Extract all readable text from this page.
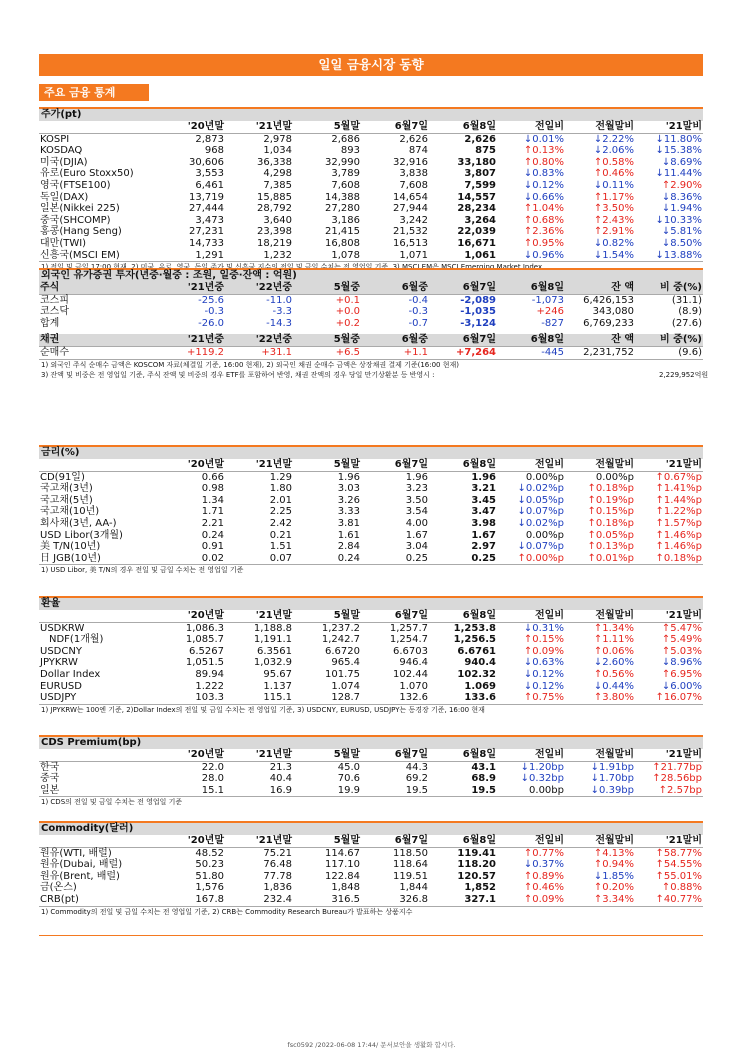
일일 금융시장 동향
주요 금융 통계
주가(pt)
	'20년말	'21년말	5월말	6월7일	6월8일	전일비	전월말비	'21말비
KOSPI	2,873	2,978	2,686	2,626	2,626	↓0.01%	↓2.22%	↓11.80%
KOSDAQ	968	1,034	893	874	875	↑0.13%	↓2.06%	↓15.38%
미국(DJIA)	30,606	36,338	32,990	32,916	33,180	↑0.80%	↑0.58%	↓8.69%
유로(Euro Stoxx50)	3,553	4,298	3,789	3,838	3,807	↓0.83%	↑0.46%	↓11.44%
영국(FTSE100)	6,461	7,385	7,608	7,608	7,599	↓0.12%	↓0.11%	↑2.90%
독일(DAX)	13,719	15,885	14,388	14,654	14,557	↓0.66%	↑1.17%	↓8.36%
일본(Nikkei 225)	27,444	28,792	27,280	27,944	28,234	↑1.04%	↑3.50%	↓1.94%
중국(SHCOMP)	3,473	3,640	3,186	3,242	3,264	↑0.68%	↑2.43%	↓10.33%
홍콩(Hang Seng)	27,231	23,398	21,415	21,532	22,039	↑2.36%	↑2.91%	↓5.81%
대만(TWI)	14,733	18,219	16,808	16,513	16,671	↑0.95%	↓0.82%	↓8.50%
신흥국(MSCI EM)	1,291	1,232	1,078	1,071	1,061	↓0.96%	↓1.54%	↓13.88%
외국인 유가증권 투자(년중·월중 : 조원, 일중·잔액 : 억원)
주식	'21년중	'22년중	5월중	6월중	6월7일	6월8일	잔 액	비 중(%)
코스피	-25.6	-11.0	+0.1	-0.4	-2,089	-1,073	6,426,153	(31.1)
코스닥	-0.3	-3.3	+0.0	-0.3	-1,035	+246	343,080	(8.9)
합계	-26.0	-14.3	+0.2	-0.7	-3,124	-827	6,769,233	(27.6)
채권	'21년중	'22년중	5월중	6월중	6월7일	6월8일	잔 액	비 중(%)
순매수	+119.2	+31.1	+6.5	+1.1	+7,264	-445	2,231,752	(9.6)
1) 외국인 주식 순매수 금액은 KOSCOM 자료(체결일 기준, 16:00 현재), 2) 외국인 채권 순매수 금액은 상장채권 결제 기준(16:00 현재)
3) 잔액 및 비중은 전 영업일 기준, 주식 잔액 및 비중의 경우 ETF를 포함하여 반영, 채권 잔액의 경우 당일 만기상환분 등 반영시 :	2,229,952억원
금리(%)
	'20년말	'21년말	5월말	6월7일	6월8일	전일비	전월말비	'21말비
CD(91일)	0.66	1.29	1.96	1.96	1.96	0.00%p	0.00%p	↑0.67%p
국고채(3년)	0.98	1.80	3.03	3.23	3.21	↓0.02%p	↑0.18%p	↑1.41%p
국고채(5년)	1.34	2.01	3.26	3.50	3.45	↓0.05%p	↑0.19%p	↑1.44%p
국고채(10년)	1.71	2.25	3.33	3.54	3.47	↓0.07%p	↑0.15%p	↑1.22%p
회사채(3년, AA-)	2.21	2.42	3.81	4.00	3.98	↓0.02%p	↑0.18%p	↑1.57%p
USD Libor(3개월)	0.24	0.21	1.61	1.67	1.67	0.00%p	↑0.05%p	↑1.46%p
美 T/N(10년)	0.91	1.51	2.84	3.04	2.97	↓0.07%p	↑0.13%p	↑1.46%p
日 JGB(10년)	0.02	0.07	0.24	0.25	0.25	↑0.00%p	↑0.01%p	↑0.18%p
1) USD Libor, 美 T/N의 경우 전일 및 금일 수치는 전 영업일 기준
환율
	'20년말	'21년말	5월말	6월7일	6월8일	전일비	전월말비	'21말비
USDKRW	1,086.3	1,188.8	1,237.2	1,257.7	1,253.8	↓0.31%	↑1.34%	↑5.47%
NDF(1개월)	1,085.7	1,191.1	1,242.7	1,254.7	1,256.5	↑0.15%	↑1.11%	↑5.49%
USDCNY	6.5267	6.3561	6.6720	6.6703	6.6761	↑0.09%	↑0.06%	↑5.03%
JPYKRW	1,051.5	1,032.9	965.4	946.4	940.4	↓0.63%	↓2.60%	↓8.96%
Dollar Index	89.94	95.67	101.75	102.44	102.32	↓0.12%	↑0.56%	↑6.95%
EURUSD	1.222	1.137	1.074	1.070	1.069	↓0.12%	↓0.44%	↓6.00%
USDJPY	103.3	115.1	128.7	132.6	133.6	↑0.75%	↑3.80%	↑16.07%
1) JPYKRW는 100엔 기준, 2)Dollar Index의 전일 및 금일 수치는 전 영업일 기준, 3) USDCNY, EURUSD, USDJPY는 동경장 기준, 16:00 현재
CDS Premium(bp)
	'20년말	'21년말	5월말	6월7일	6월8일	전일비	전월말비	'21말비
한국	22.0	21.3	45.0	44.3	43.1	↓1.20bp	↓1.91bp	↑21.77bp
중국	28.0	40.4	70.6	69.2	68.9	↓0.32bp	↓1.70bp	↑28.56bp
일본	15.1	16.9	19.9	19.5	19.5	0.00bp	↓0.39bp	↑2.57bp
1) CDS의 전일 및 금일 수치는 전 영업일 기준
Commodity(달러)
	'20년말	'21년말	5월말	6월7일	6월8일	전일비	전월말비	'21말비
원유(WTI, 배럴)	48.52	75.21	114.67	118.50	119.41	↑0.77%	↑4.13%	↑58.77%
원유(Dubai, 배럴)	50.23	76.48	117.10	118.64	118.20	↓0.37%	↑0.94%	↑54.55%
원유(Brent, 배럴)	51.80	77.78	122.84	119.51	120.57	↑0.89%	↓1.85%	↑55.01%
금(온스)	1,576	1,836	1,848	1,844	1,852	↑0.46%	↑0.20%	↑0.88%
CRB(pt)	167.8	232.4	316.5	326.8	327.1	↑0.09%	↑3.34%	↑40.77%
1) Commodity의 전일 및 금일 수치는 전 영업일 기준, 2) CRB는 Commodity Research Bureau가 발표하는 상품지수
fsc0592 /2022-06-08 17:44/ 문서보안을 생활화 합시다.
